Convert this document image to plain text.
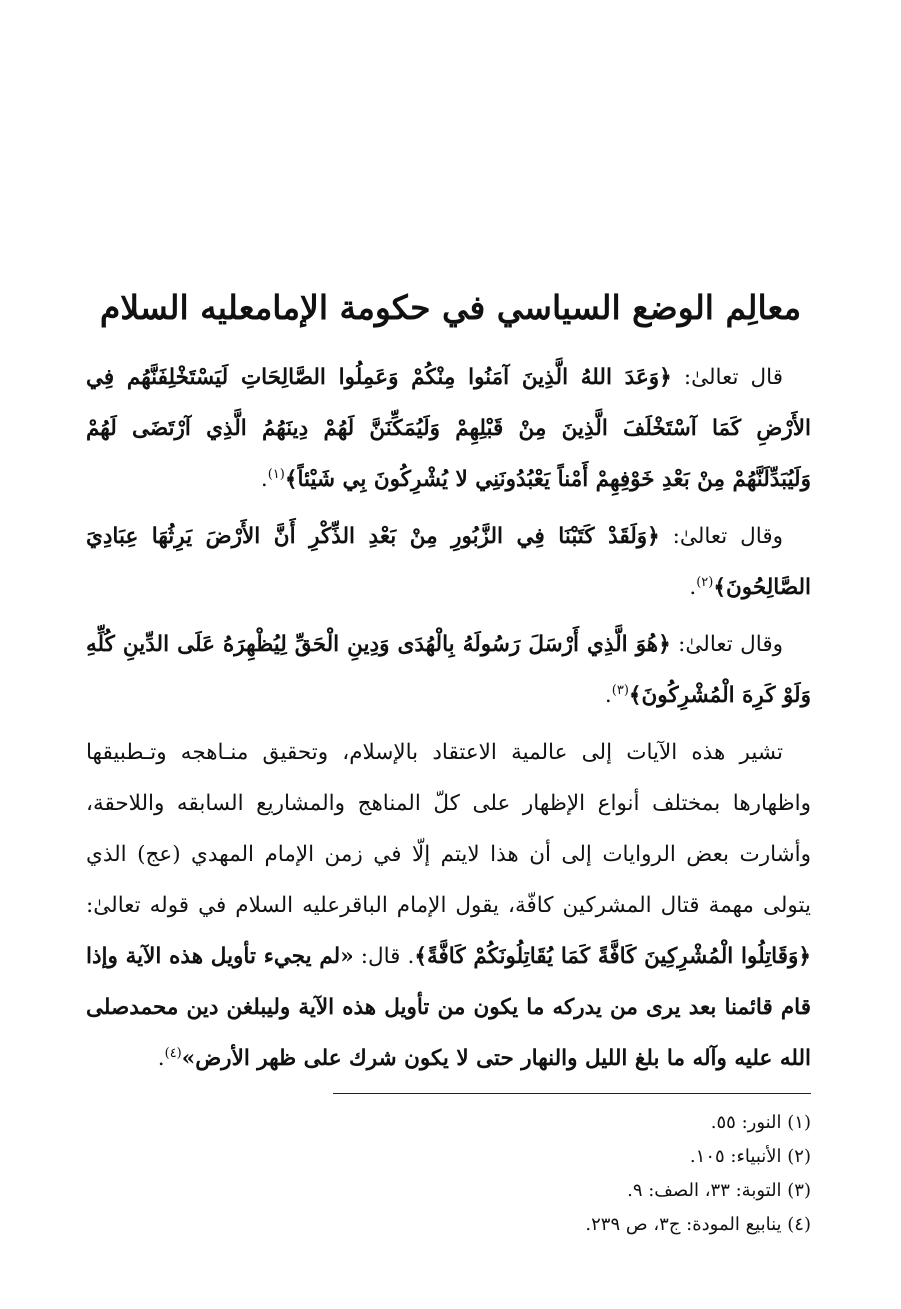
معالِم الوضع السياسي في حكومة الإمامعليه السلام

قال تعالىٰ: ﴿وَعَدَ اللهُ الَّذِينَ آمَنُوا مِنْكُمْ وَعَمِلُوا الصَّالِحَاتِ لَيَسْتَخْلِفَنَّهُم فِي الأَرْضِ كَمَا آسْتَخْلَفَ الَّذِينَ مِنْ قَبْلِهِمْ وَلَيُمَكِّنَنَّ لَهُمْ دِينَهُمُ الَّذِي آرْتَضَى لَهُمْ وَلَيُبَدِّلَنَّهُمْ مِنْ بَعْدِ خَوْفِهِمْ أَمْناً يَعْبُدُونَنِي لا يُشْرِكُونَ بِي شَيْئاً﴾$^{(١)}$.

وقال تعالىٰ: ﴿وَلَقَدْ كَتَبْنَا فِي الزَّبُورِ مِنْ بَعْدِ الذِّكْرِ أَنَّ الأَرْضَ يَرِثُهَا عِبَادِيَ الصَّالِحُونَ﴾$^{(٢)}$.

وقال تعالىٰ: ﴿هُوَ الَّذِي أَرْسَلَ رَسُولَهُ بِالْهُدَى وَدِينِ الْحَقِّ لِيُظْهِرَهُ عَلَى الدِّينِ كُلِّهِ وَلَوْ كَرِهَ الْمُشْرِكُونَ﴾$^{(٣)}$.

تشير هذه الآيات إلى عالمية الاعتقاد بالإسلام، وتحقيق منـاهجه وتـطبيقها واظهارها بمختلف أنواع الإظهار على كلّ المناهج والمشاريع السابقه واللاحقة، وأشارت بعض الروايات إلى أن هذا لايتم إلّا في زمن الإمام المهدي (عج) الذي يتولى مهمة قتال المشركين كافّة، يقول الإمام الباقرعليه السلام في قوله تعالىٰ: ﴿وَقَاتِلُوا الْمُشْرِكِينَ كَافَّةً كَمَا يُقَاتِلُونَكُمْ كَافَّةً﴾. قال: «لم يجيء تأويل هذه الآية وإذا قام قائمنا بعد يرى من يدركه ما يكون من تأويل هذه الآية وليبلغن دين محمدصلى الله عليه وآله ما بلغ الليل والنهار حتى لا يكون شرك على ظهر الأرض»$^{(٤)}$.

(١) النور: ٥٥.
(٢) الأنبياء: ١٠٥.
(٣) التوبة: ٣٣، الصف: ٩.
(٤) ينابيع المودة: ج٣، ص ٢٣٩.
